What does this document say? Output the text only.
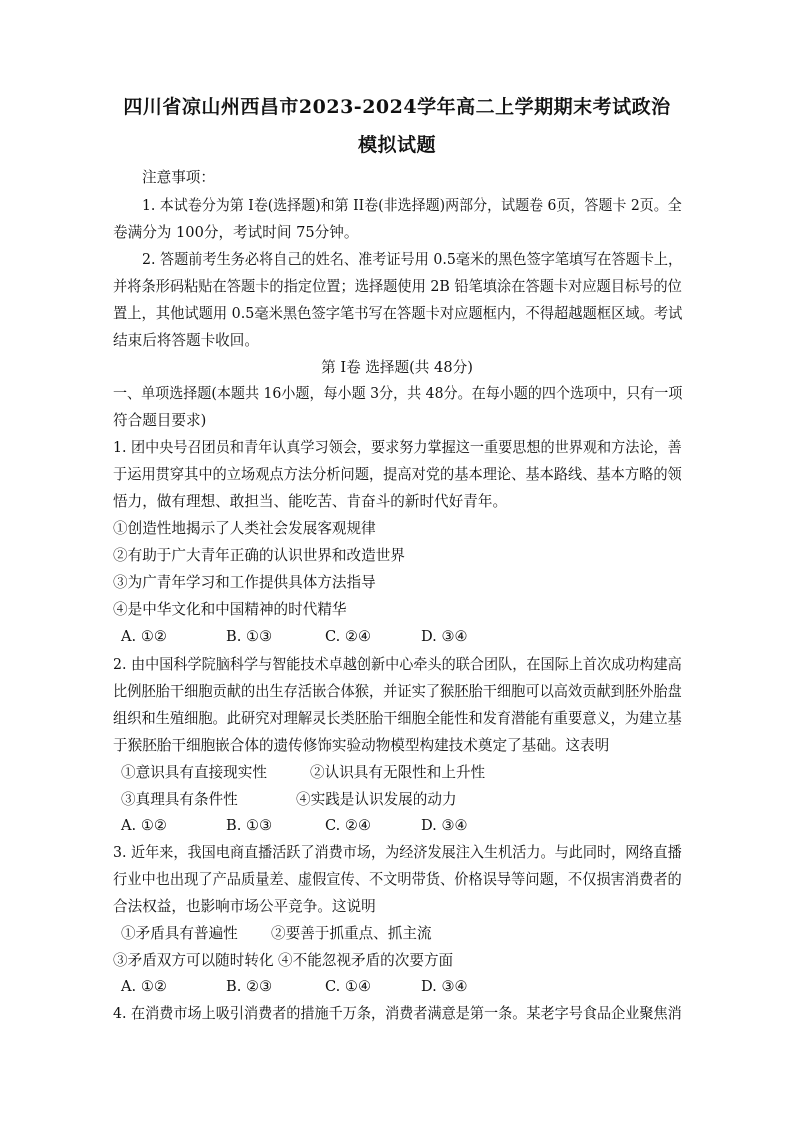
四川省凉山州西昌市2023-2024学年高二上学期期末考试政治
模拟试题
注意事项：
1. 本试卷分为第 I卷(选择题)和第 II卷(非选择题)两部分，试题卷 6页，答题卡 2页。全
卷满分为 100分，考试时间 75分钟。
2. 答题前考生务必将自己的姓名、准考证号用 0.5毫米的黑色签字笔填写在答题卡上，
并将条形码粘贴在答题卡的指定位置；选择题使用 2B 铅笔填涂在答题卡对应题目标号的位
置上，其他试题用 0.5毫米黑色签字笔书写在答题卡对应题框内，不得超越题框区域。考试
结束后将答题卡收回。
第 I卷 选择题(共 48分)
一、单项选择题(本题共 16小题，每小题 3分，共 48分。在每小题的四个选项中，只有一项
符合题目要求)
1. 团中央号召团员和青年认真学习领会，要求努力掌握这一重要思想的世界观和方法论，善
于运用贯穿其中的立场观点方法分析问题，提高对党的基本理论、基本路线、基本方略的领
悟力，做有理想、敢担当、能吃苦、肯奋斗的新时代好青年。
①创造性地揭示了人类社会发展客观规律
②有助于广大青年正确的认识世界和改造世界
③为广青年学习和工作提供具体方法指导
④是中华文化和中国精神的时代精华
A. ①②	B. ①③	C. ②④	D. ③④
2. 由中国科学院脑科学与智能技术卓越创新中心牵头的联合团队，在国际上首次成功构建高
比例胚胎干细胞贡献的出生存活嵌合体猴，并证实了猴胚胎干细胞可以高效贡献到胚外胎盘
组织和生殖细胞。此研究对理解灵长类胚胎干细胞全能性和发育潜能有重要意义，为建立基
于猴胚胎干细胞嵌合体的遗传修饰实验动物模型构建技术奠定了基础。这表明
①意识具有直接现实性	②认识具有无限性和上升性
③真理具有条件性	④实践是认识发展的动力
A. ①②	B. ①③	C. ②④	D. ③④
3. 近年来，我国电商直播活跃了消费市场，为经济发展注入生机活力。与此同时，网络直播
行业中也出现了产品质量差、虚假宣传、不文明带货、价格误导等问题，不仅损害消费者的
合法权益，也影响市场公平竞争。这说明
①矛盾具有普遍性 ②要善于抓重点、抓主流
③矛盾双方可以随时转化 ④不能忽视矛盾的次要方面
A. ①②	B. ②③	C. ①④	D. ③④
4. 在消费市场上吸引消费者的措施千万条，消费者满意是第一条。某老字号食品企业聚焦消
